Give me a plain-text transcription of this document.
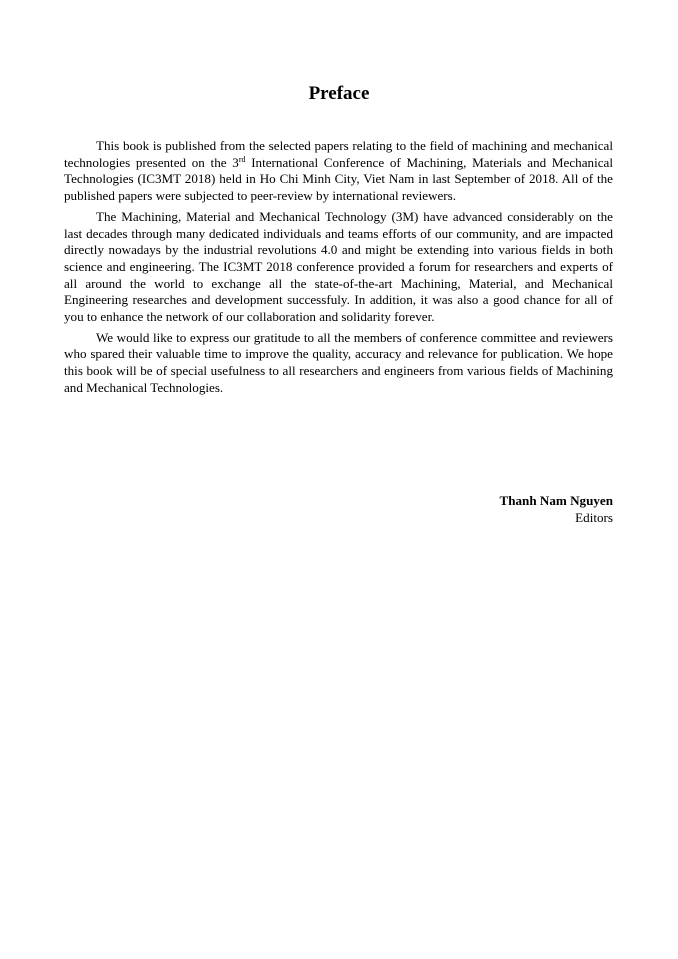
Preface

This book is published from the selected papers relating to the field of machining and mechanical technologies presented on the 3rd International Conference of Machining, Materials and Mechanical Technologies (IC3MT 2018) held in Ho Chi Minh City, Viet Nam in last September of 2018. All of the published papers were subjected to peer-review by international reviewers.

The Machining, Material and Mechanical Technology (3M) have advanced considerably on the last decades through many dedicated individuals and teams efforts of our community, and are impacted directly nowadays by the industrial revolutions 4.0 and might be extending into various fields in both science and engineering. The IC3MT 2018 conference provided a forum for researchers and experts of all around the world to exchange all the state-of-the-art Machining, Material, and Mechanical Engineering researches and development successfuly. In addition, it was also a good chance for all of you to enhance the network of our collaboration and solidarity forever.

We would like to express our gratitude to all the members of conference committee and reviewers who spared their valuable time to improve the quality, accuracy and relevance for publication. We hope this book will be of special usefulness to all researchers and engineers from various fields of Machining and Mechanical Technologies.

Thanh Nam Nguyen
Editors
